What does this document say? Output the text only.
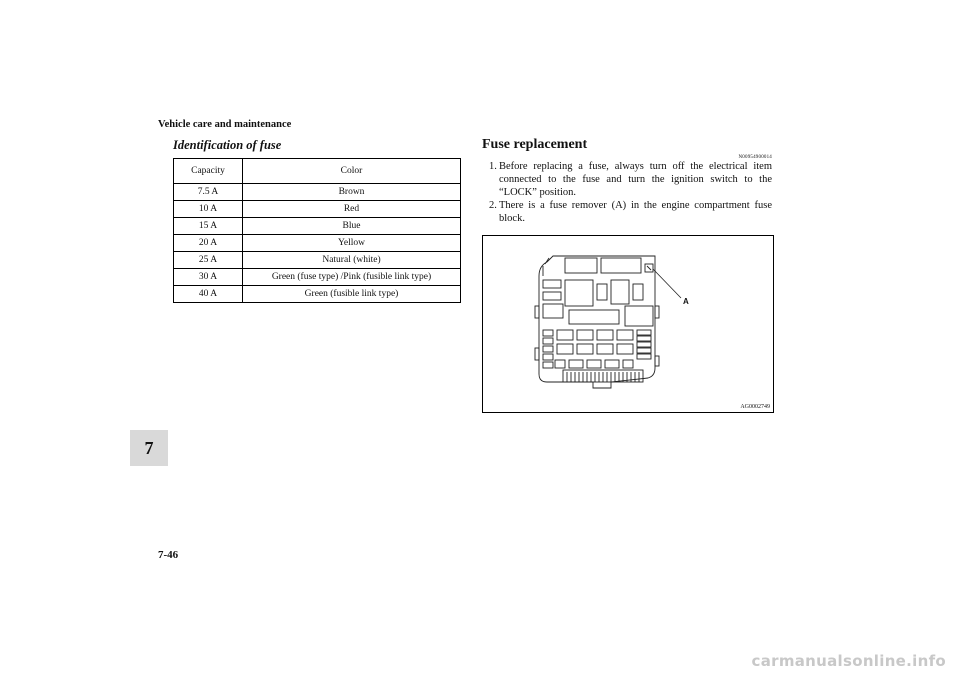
Vehicle care and maintenance
Identification of fuse
Capacity	Color
7.5 A	Brown
10 A	Red
15 A	Blue
20 A	Yellow
25 A	Natural (white)
30 A	Green (fuse type) /Pink (fusible link type)
40 A	Green (fusible link type)
Fuse replacement
N00954900014
1. Before replacing a fuse, always turn off the electrical item connected to the fuse and turn the ignition switch to the “LOCK” position.
2. There is a fuse remover (A) in the engine compartment fuse block.
A
AG0002749
7
7-46
carmanualsonline.info
